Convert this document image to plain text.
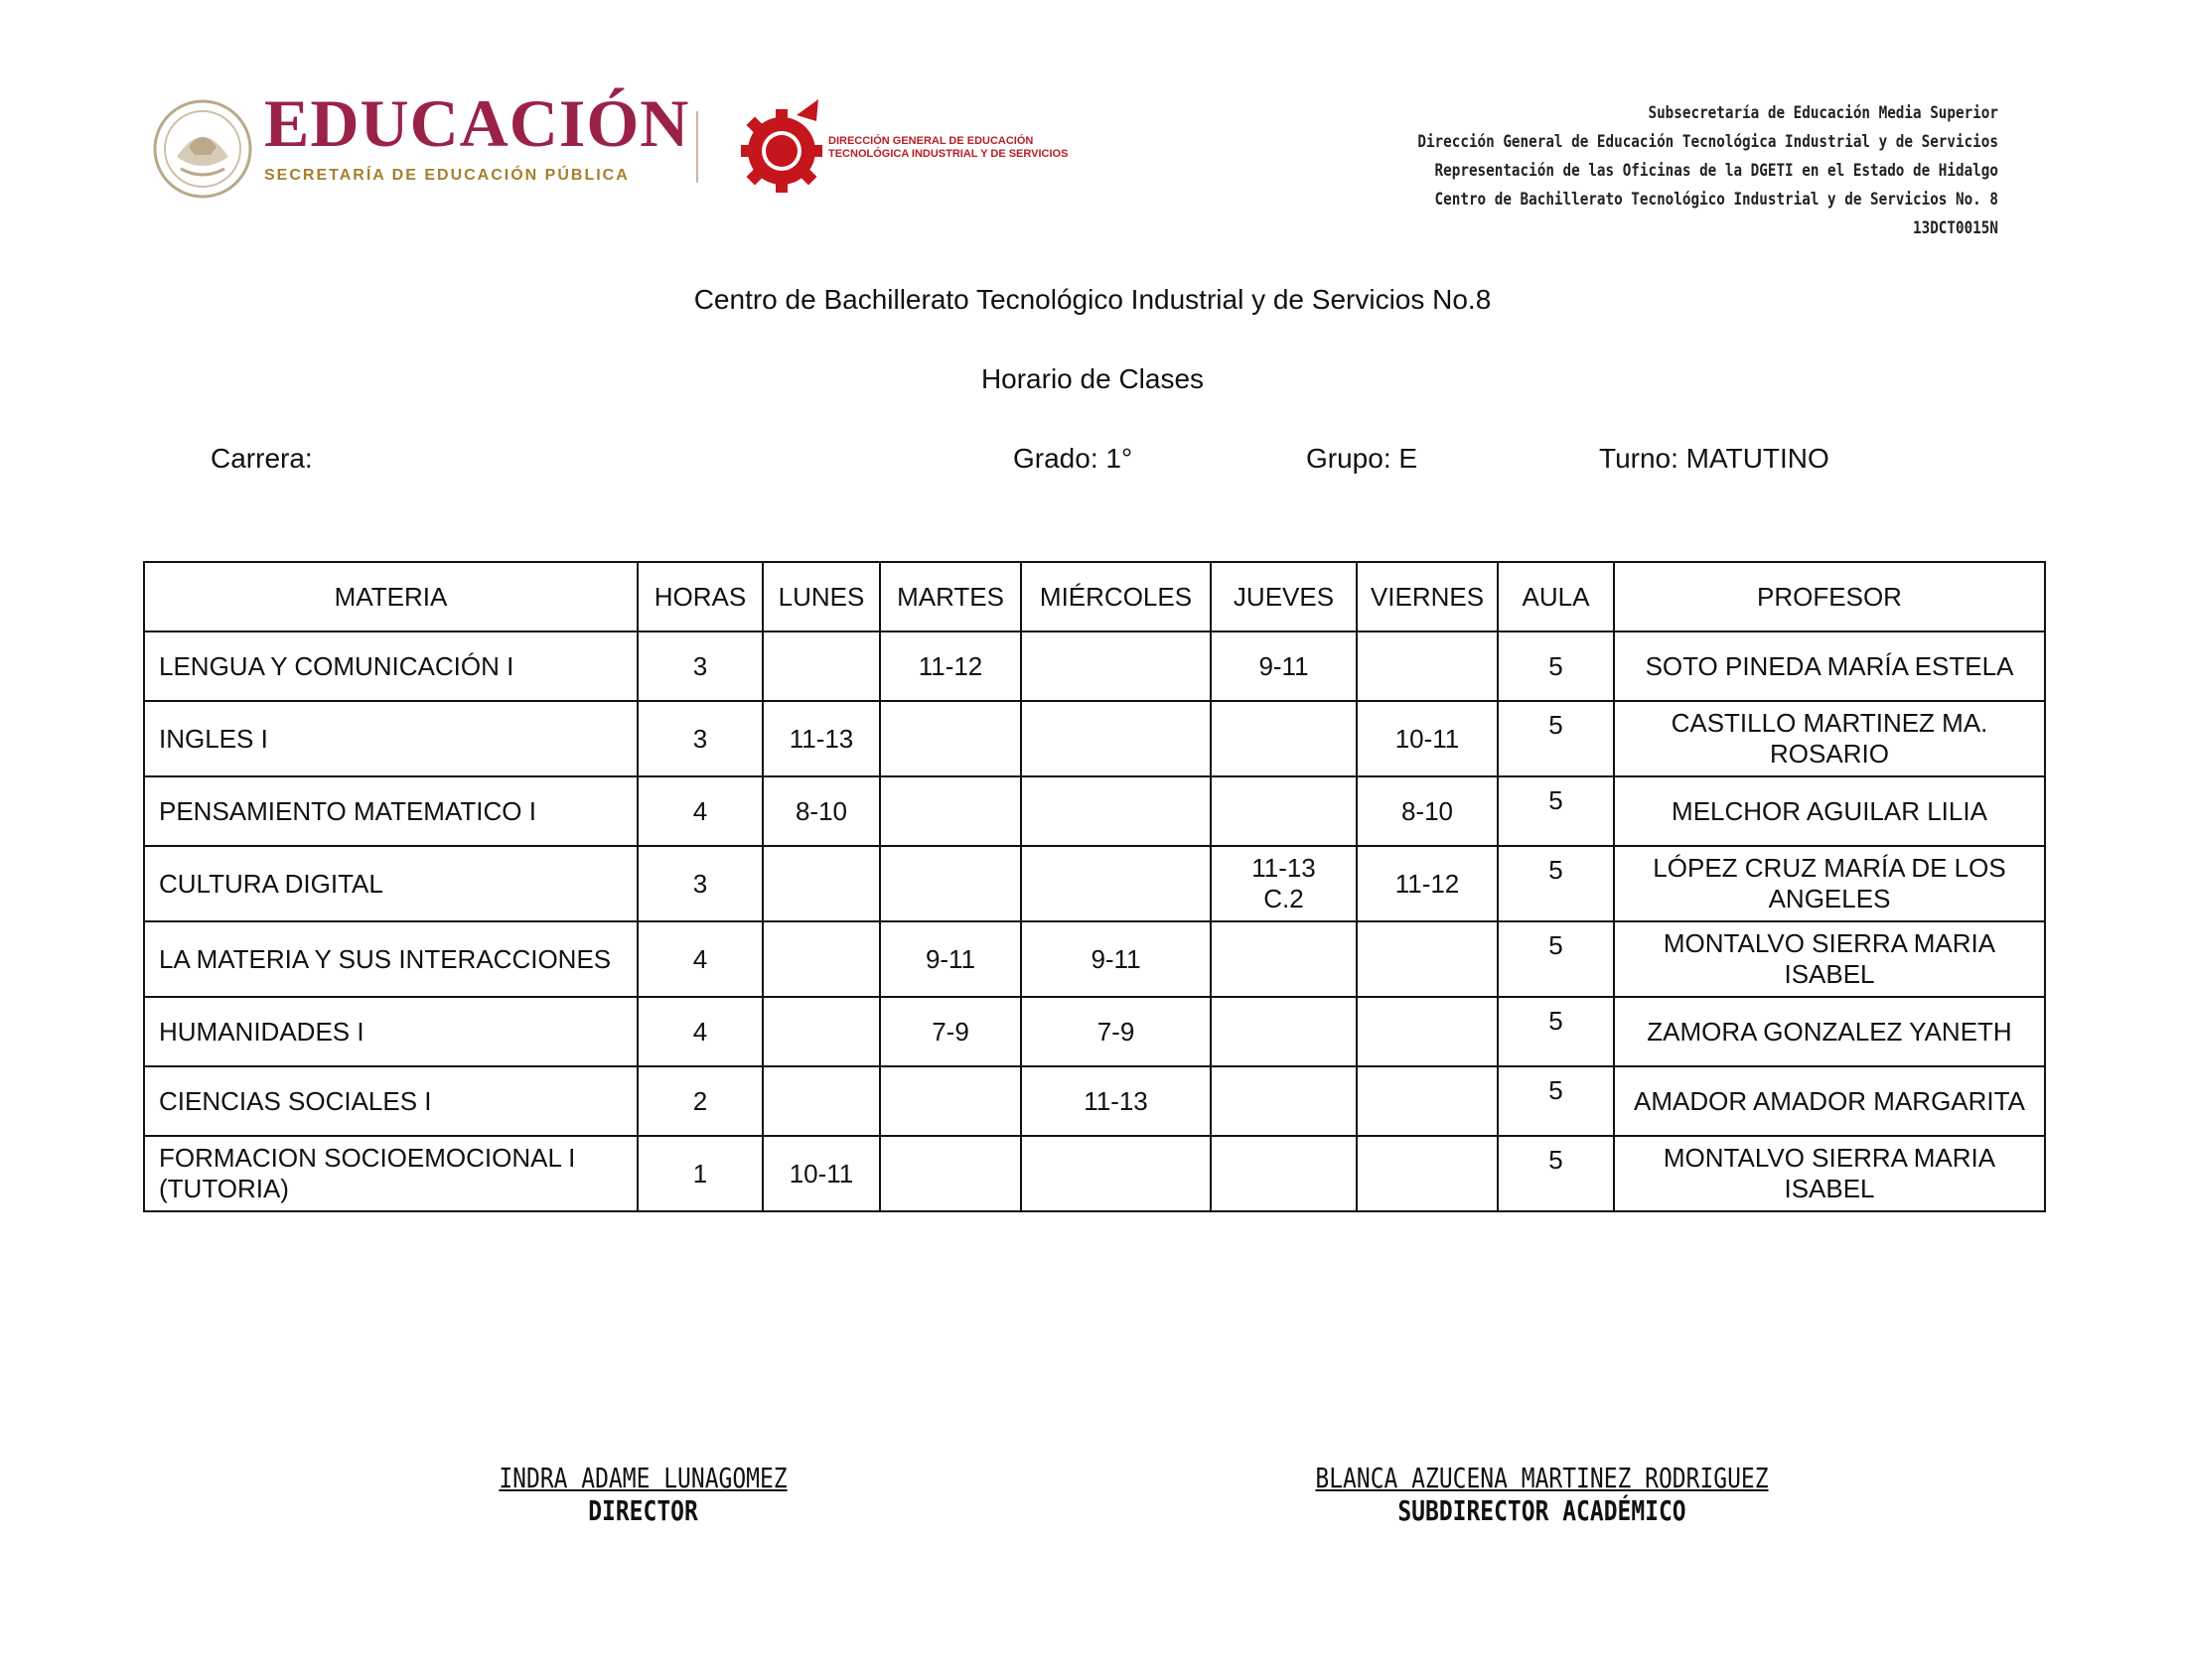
EDUCACIÓN
SECRETARÍA DE EDUCACIÓN PÚBLICA
DIRECCIÓN GENERAL DE EDUCACIÓN
TECNOLÓGICA INDUSTRIAL Y DE SERVICIOS
Subsecretaría de Educación Media Superior
Dirección General de Educación Tecnológica Industrial y de Servicios
Representación de las Oficinas de la DGETI en el Estado de Hidalgo
Centro de Bachillerato Tecnológico Industrial y de Servicios No. 8
13DCT0015N
Centro de Bachillerato Tecnológico Industrial y de Servicios No.8
Horario de Clases
Carrera:	Grado: 1°	Grupo: E	Turno: MATUTINO
MATERIA	HORAS	LUNES	MARTES	MIÉRCOLES	JUEVES	VIERNES	AULA	PROFESOR
LENGUA Y COMUNICACIÓN I	3		11-12		9-11		5	SOTO PINEDA MARÍA ESTELA
INGLES I	3	11-13				10-11	5	CASTILLO MARTINEZ MA. ROSARIO
PENSAMIENTO MATEMATICO I	4	8-10				8-10	5	MELCHOR AGUILAR LILIA
CULTURA DIGITAL	3				11-13 C.2	11-12	5	LÓPEZ CRUZ MARÍA DE LOS ANGELES
LA MATERIA Y SUS INTERACCIONES	4		9-11	9-11			5	MONTALVO SIERRA MARIA ISABEL
HUMANIDADES I	4		7-9	7-9			5	ZAMORA GONZALEZ YANETH
CIENCIAS SOCIALES I	2			11-13			5	AMADOR AMADOR MARGARITA
FORMACION SOCIOEMOCIONAL I (TUTORIA)	1	10-11					5	MONTALVO SIERRA MARIA ISABEL
INDRA ADAME LUNAGOMEZ
DIRECTOR
BLANCA AZUCENA MARTINEZ RODRIGUEZ
SUBDIRECTOR ACADÉMICO
